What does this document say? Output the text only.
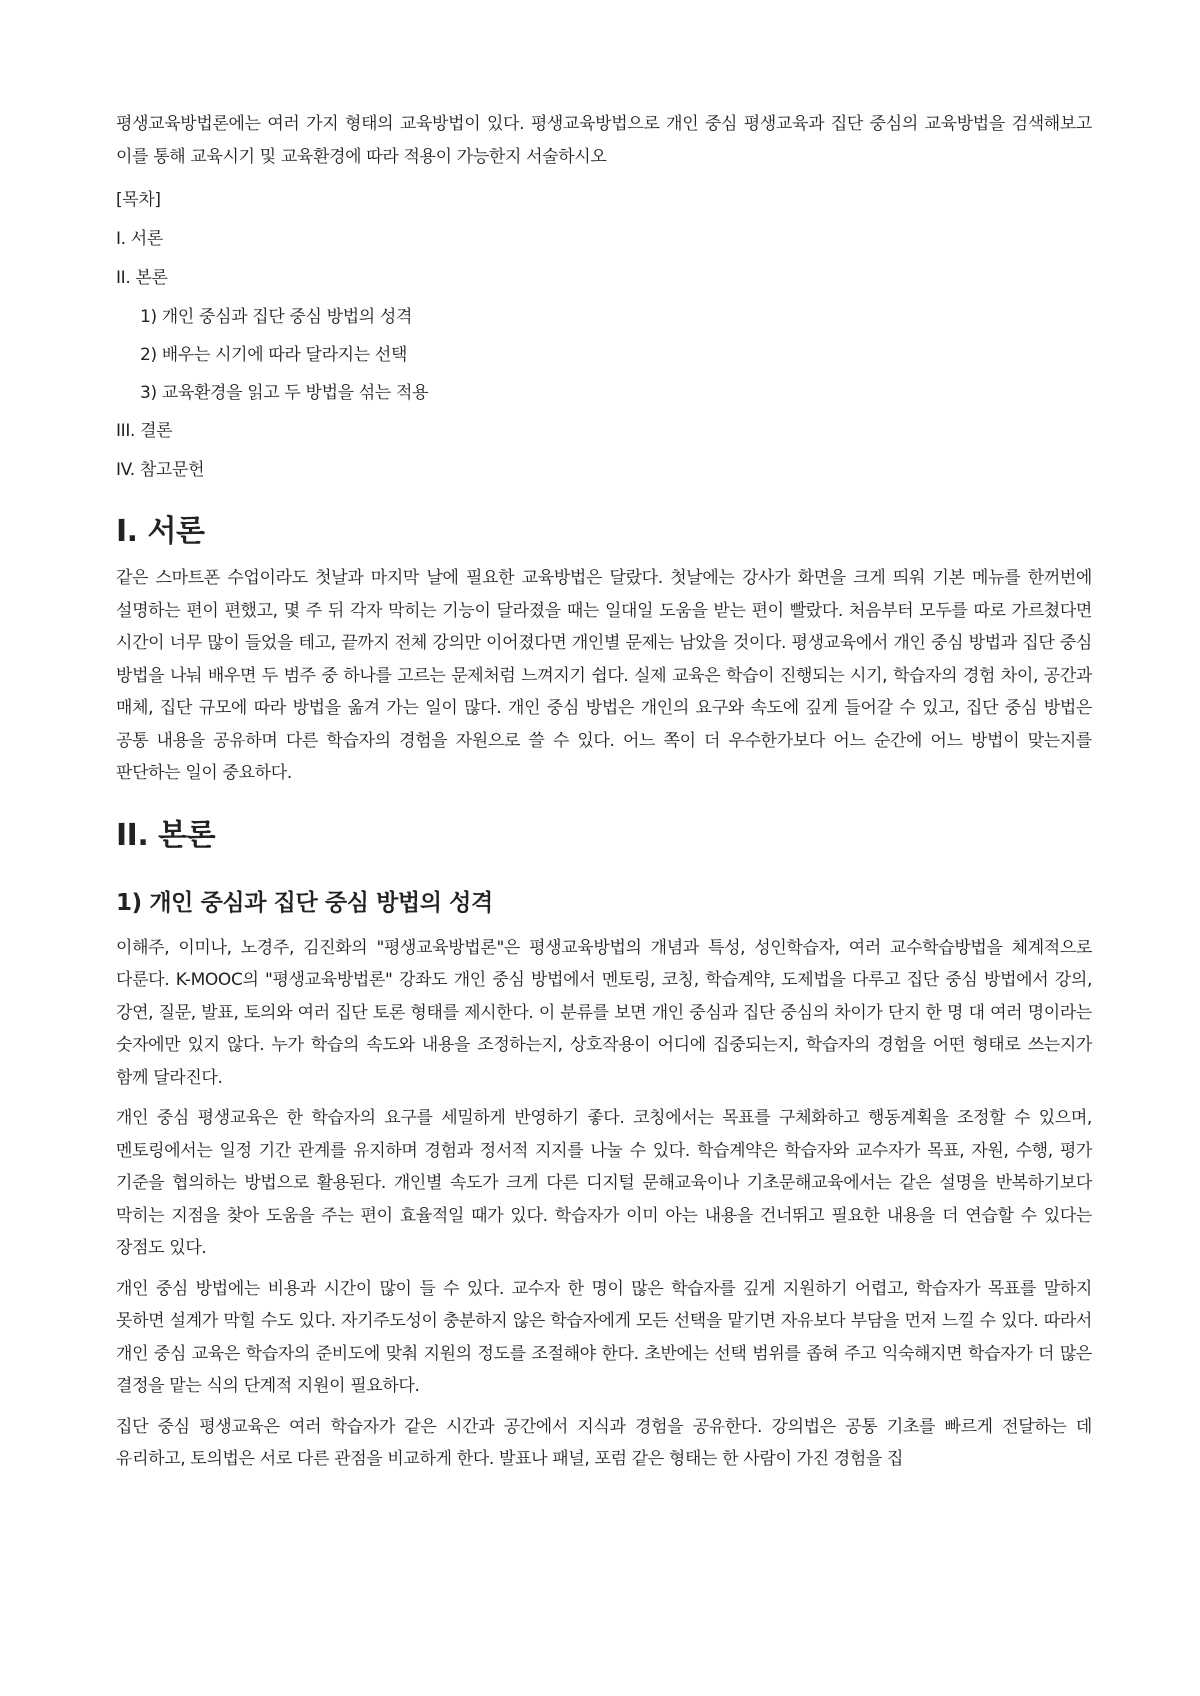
평생교육방법론에는 여러 가지 형태의 교육방법이 있다. 평생교육방법으로 개인 중심 평생교육과 집단 중심의 교육방법을 검색해보고 이를 통해 교육시기 및 교육환경에 따라 적용이 가능한지 서술하시오

[목차]

I. 서론

II. 본론

1) 개인 중심과 집단 중심 방법의 성격

2) 배우는 시기에 따라 달라지는 선택

3) 교육환경을 읽고 두 방법을 섞는 적용

III. 결론

IV. 참고문헌

I. 서론

같은 스마트폰 수업이라도 첫날과 마지막 날에 필요한 교육방법은 달랐다. 첫날에는 강사가 화면을 크게 띄워 기본 메뉴를 한꺼번에 설명하는 편이 편했고, 몇 주 뒤 각자 막히는 기능이 달라졌을 때는 일대일 도움을 받는 편이 빨랐다. 처음부터 모두를 따로 가르쳤다면 시간이 너무 많이 들었을 테고, 끝까지 전체 강의만 이어졌다면 개인별 문제는 남았을 것이다. 평생교육에서 개인 중심 방법과 집단 중심 방법을 나눠 배우면 두 범주 중 하나를 고르는 문제처럼 느껴지기 쉽다. 실제 교육은 학습이 진행되는 시기, 학습자의 경험 차이, 공간과 매체, 집단 규모에 따라 방법을 옮겨 가는 일이 많다. 개인 중심 방법은 개인의 요구와 속도에 깊게 들어갈 수 있고, 집단 중심 방법은 공통 내용을 공유하며 다른 학습자의 경험을 자원으로 쓸 수 있다. 어느 쪽이 더 우수한가보다 어느 순간에 어느 방법이 맞는지를 판단하는 일이 중요하다.

II. 본론
1) 개인 중심과 집단 중심 방법의 성격

이해주, 이미나, 노경주, 김진화의 "평생교육방법론"은 평생교육방법의 개념과 특성, 성인학습자, 여러 교수학습방법을 체계적으로 다룬다. K-MOOC의 "평생교육방법론" 강좌도 개인 중심 방법에서 멘토링, 코칭, 학습계약, 도제법을 다루고 집단 중심 방법에서 강의, 강연, 질문, 발표, 토의와 여러 집단 토론 형태를 제시한다. 이 분류를 보면 개인 중심과 집단 중심의 차이가 단지 한 명 대 여러 명이라는 숫자에만 있지 않다. 누가 학습의 속도와 내용을 조정하는지, 상호작용이 어디에 집중되는지, 학습자의 경험을 어떤 형태로 쓰는지가 함께 달라진다.

개인 중심 평생교육은 한 학습자의 요구를 세밀하게 반영하기 좋다. 코칭에서는 목표를 구체화하고 행동계획을 조정할 수 있으며, 멘토링에서는 일정 기간 관계를 유지하며 경험과 정서적 지지를 나눌 수 있다. 학습계약은 학습자와 교수자가 목표, 자원, 수행, 평가 기준을 협의하는 방법으로 활용된다. 개인별 속도가 크게 다른 디지털 문해교육이나 기초문해교육에서는 같은 설명을 반복하기보다 막히는 지점을 찾아 도움을 주는 편이 효율적일 때가 있다. 학습자가 이미 아는 내용을 건너뛰고 필요한 내용을 더 연습할 수 있다는 장점도 있다.

개인 중심 방법에는 비용과 시간이 많이 들 수 있다. 교수자 한 명이 많은 학습자를 깊게 지원하기 어렵고, 학습자가 목표를 말하지 못하면 설계가 막힐 수도 있다. 자기주도성이 충분하지 않은 학습자에게 모든 선택을 맡기면 자유보다 부담을 먼저 느낄 수 있다. 따라서 개인 중심 교육은 학습자의 준비도에 맞춰 지원의 정도를 조절해야 한다. 초반에는 선택 범위를 좁혀 주고 익숙해지면 학습자가 더 많은 결정을 맡는 식의 단계적 지원이 필요하다.

집단 중심 평생교육은 여러 학습자가 같은 시간과 공간에서 지식과 경험을 공유한다. 강의법은 공통 기초를 빠르게 전달하는 데 유리하고, 토의법은 서로 다른 관점을 비교하게 한다. 발표나 패널, 포럼 같은 형태는 한 사람이 가진 경험을 집
